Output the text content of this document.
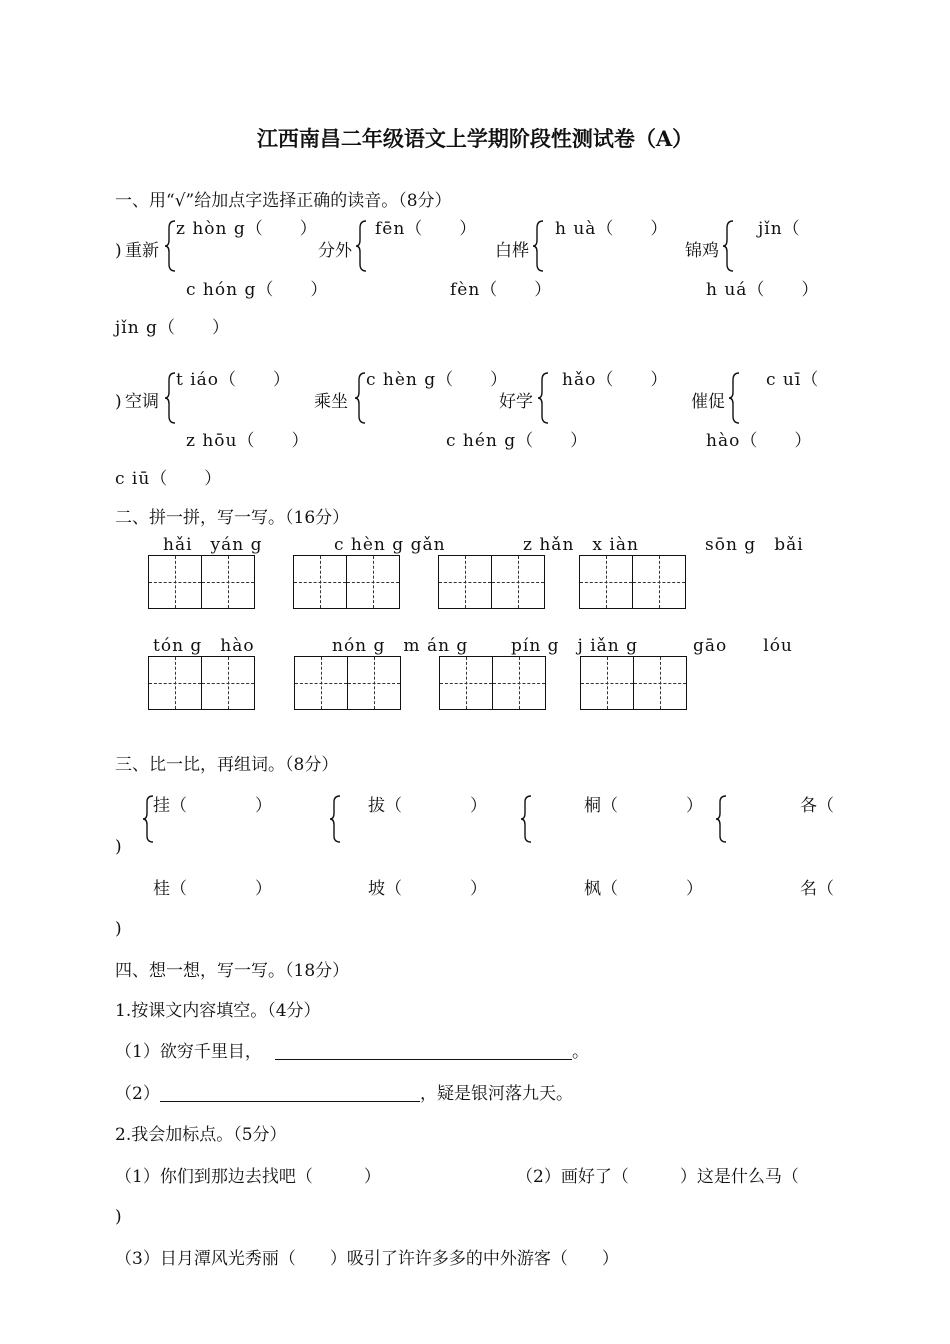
江西南昌二年级语文上学期阶段性测试卷（A）
一、用“√”给加点字选择正确的读音。（8分）
z hòn g（　　）	fēn（　　）	h uà（　　）	jǐn（
) 重新	分外	白桦	锦鸡
c hón g（　　）	fèn（　　）	h uá（　　）
jǐn g（　　）
t iáo（　　）	c hèn g（　　）	hǎo（　　）	c uī（
) 空调	乘坐	好学	催促
z hōu（　　）	c hén g（　　）	hào（　　）
c iū（　　）
二、拼一拼，写一写。（16分）
hǎi　yán g	c hèn g gǎn	z hǎn　x iàn	sōn g　bǎi
tón g　hào	nón g　m án g	pín g　j iǎn g	gāo　　lóu
三、比一比，再组词。（8分）
挂（　　　　）	拔（　　　　）	桐（　　　　）	各（
)
桂（　　　　）	坡（　　　　）	枫（　　　　）	名（
)
四、想一想，写一写。（18分）
1.按课文内容填空。（4分）
（1）欲穷千里目，	。
（2）	，疑是银河落九天。
2.我会加标点。（5分）
（1）你们到那边去找吧（　　　）	（2）画好了（　　　）这是什么马（
)
（3）日月潭风光秀丽（　　）吸引了许许多多的中外游客（　　）
